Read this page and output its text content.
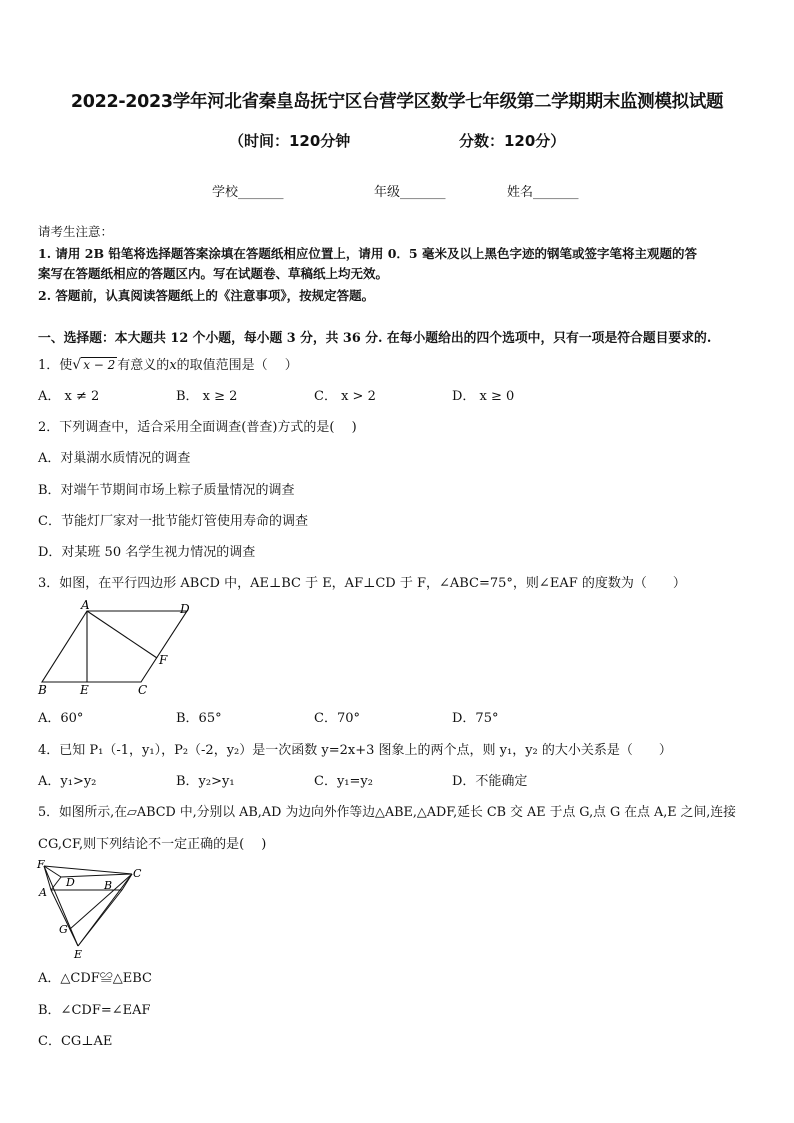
2022-2023学年河北省秦皇岛抚宁区台营学区数学七年级第二学期期末监测模拟试题
（时间：120分钟	分数：120分）
学校_______	年级_______	姓名_______
请考生注意：
1. 请用 2B 铅笔将选择题答案涂填在答题纸相应位置上，请用 0．5 毫米及以上黑色字迹的钢笔或签字笔将主观题的答
案写在答题纸相应的答题区内。写在试题卷、草稿纸上均无效。
2. 答题前，认真阅读答题纸上的《注意事项》，按规定答题。
一、选择题：本大题共 12 个小题，每小题 3 分，共 36 分. 在每小题给出的四个选项中，只有一项是符合题目要求的.
1．使√ x − 2 有意义的x的取值范围是（　 ）
A． x ≠ 2	B． x ≥ 2	C． x > 2	D． x ≥ 0
2．下列调查中，适合采用全面调查(普查)方式的是(　 )
A．对巢湖水质情况的调查
B．对端午节期间市场上粽子质量情况的调查
C．节能灯厂家对一批节能灯管使用寿命的调查
D．对某班 50 名学生视力情况的调查
3．如图，在平行四边形 ABCD 中，AE⊥BC 于 E，AF⊥CD 于 F，∠ABC=75°，则∠EAF 的度数为（　　）
A	D
F
B	E	C
A．60°	B．65°	C．70°	D．75°
4．已知 P₁（-1，y₁），P₂（-2，y₂）是一次函数 y=2x+3 图象上的两个点，则 y₁，y₂ 的大小关系是（　　）
A．y₁>y₂	B．y₂>y₁	C．y₁=y₂	D．不能确定
5．如图所示,在▱ABCD 中,分别以 AB,AD 为边向外作等边△ABE,△ADF,延长 CB 交 AE 于点 G,点 G 在点 A,E 之间,连接
CG,CF,则下列结论不一定正确的是(　 )
F
C
D	B
A
G
E
A．△CDF≌△EBC
B．∠CDF=∠EAF
C．CG⊥AE
